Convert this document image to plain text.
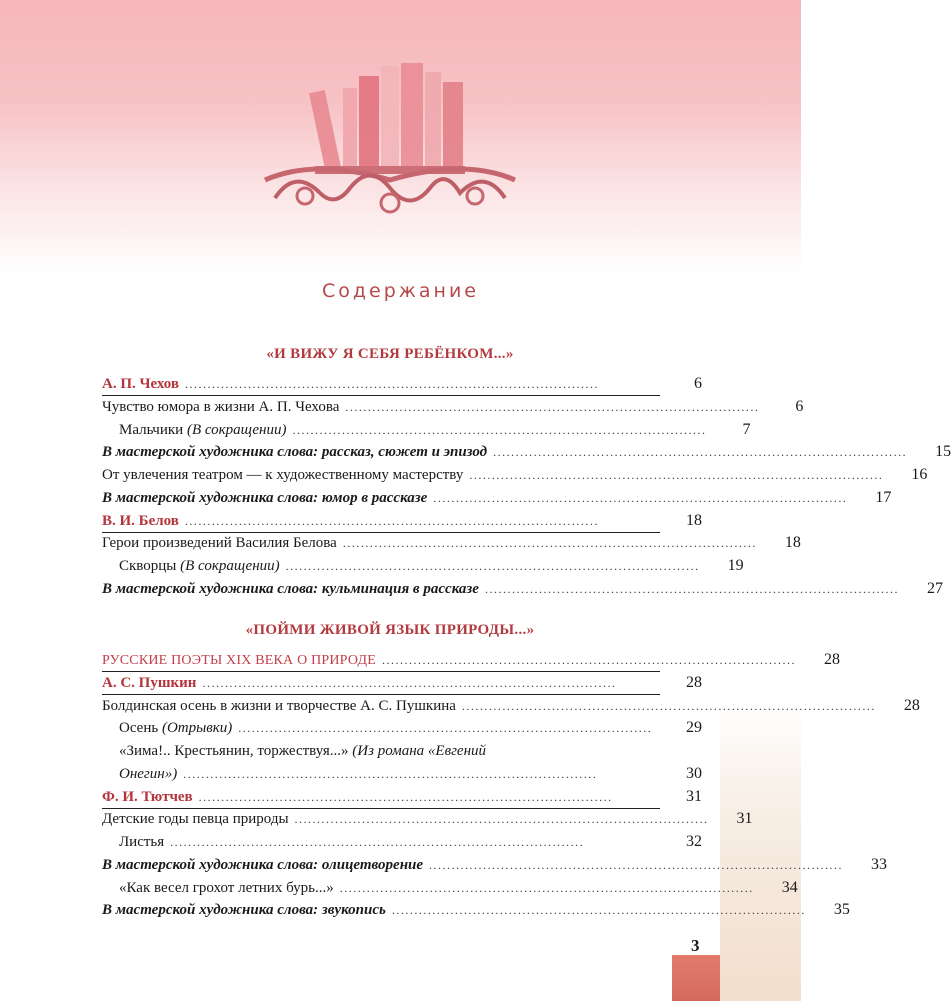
Содержание
«И ВИЖУ Я СЕБЯ РЕБЁНКОМ...»
А. П. Чехов ............................................................................................	6
Чувство юмора в жизни А. П. Чехова ............................................................................................	6
Мальчики (В сокращении) ............................................................................................	7
В мастерской художника слова: рассказ, сюжет и эпизод ............................................................................................	15
От увлечения театром — к художественному мастерству ............................................................................................	16
В мастерской художника слова: юмор в рассказе ............................................................................................	17
В. И. Белов ............................................................................................	18
Герои произведений Василия Белова ............................................................................................	18
Скворцы (В сокращении) ............................................................................................	19
В мастерской художника слова: кульминация в рассказе ............................................................................................	27
«ПОЙМИ ЖИВОЙ ЯЗЫК ПРИРОДЫ...»
РУССКИЕ ПОЭТЫ XIX ВЕКА О ПРИРОДЕ ............................................................................................	28
А. С. Пушкин ............................................................................................	28
Болдинская осень в жизни и творчестве А. С. Пушкина ............................................................................................	28
Осень (Отрывки) ............................................................................................	29
«Зима!.. Крестьянин, торжествуя...» (Из романа «Евгений
Онегин») ............................................................................................	30
Ф. И. Тютчев ............................................................................................	31
Детские годы певца природы ............................................................................................	31
Листья ............................................................................................	32
В мастерской художника слова: олицетворение ............................................................................................	33
«Как весел грохот летних бурь...» ............................................................................................	34
В мастерской художника слова: звукопись ............................................................................................	35
3
